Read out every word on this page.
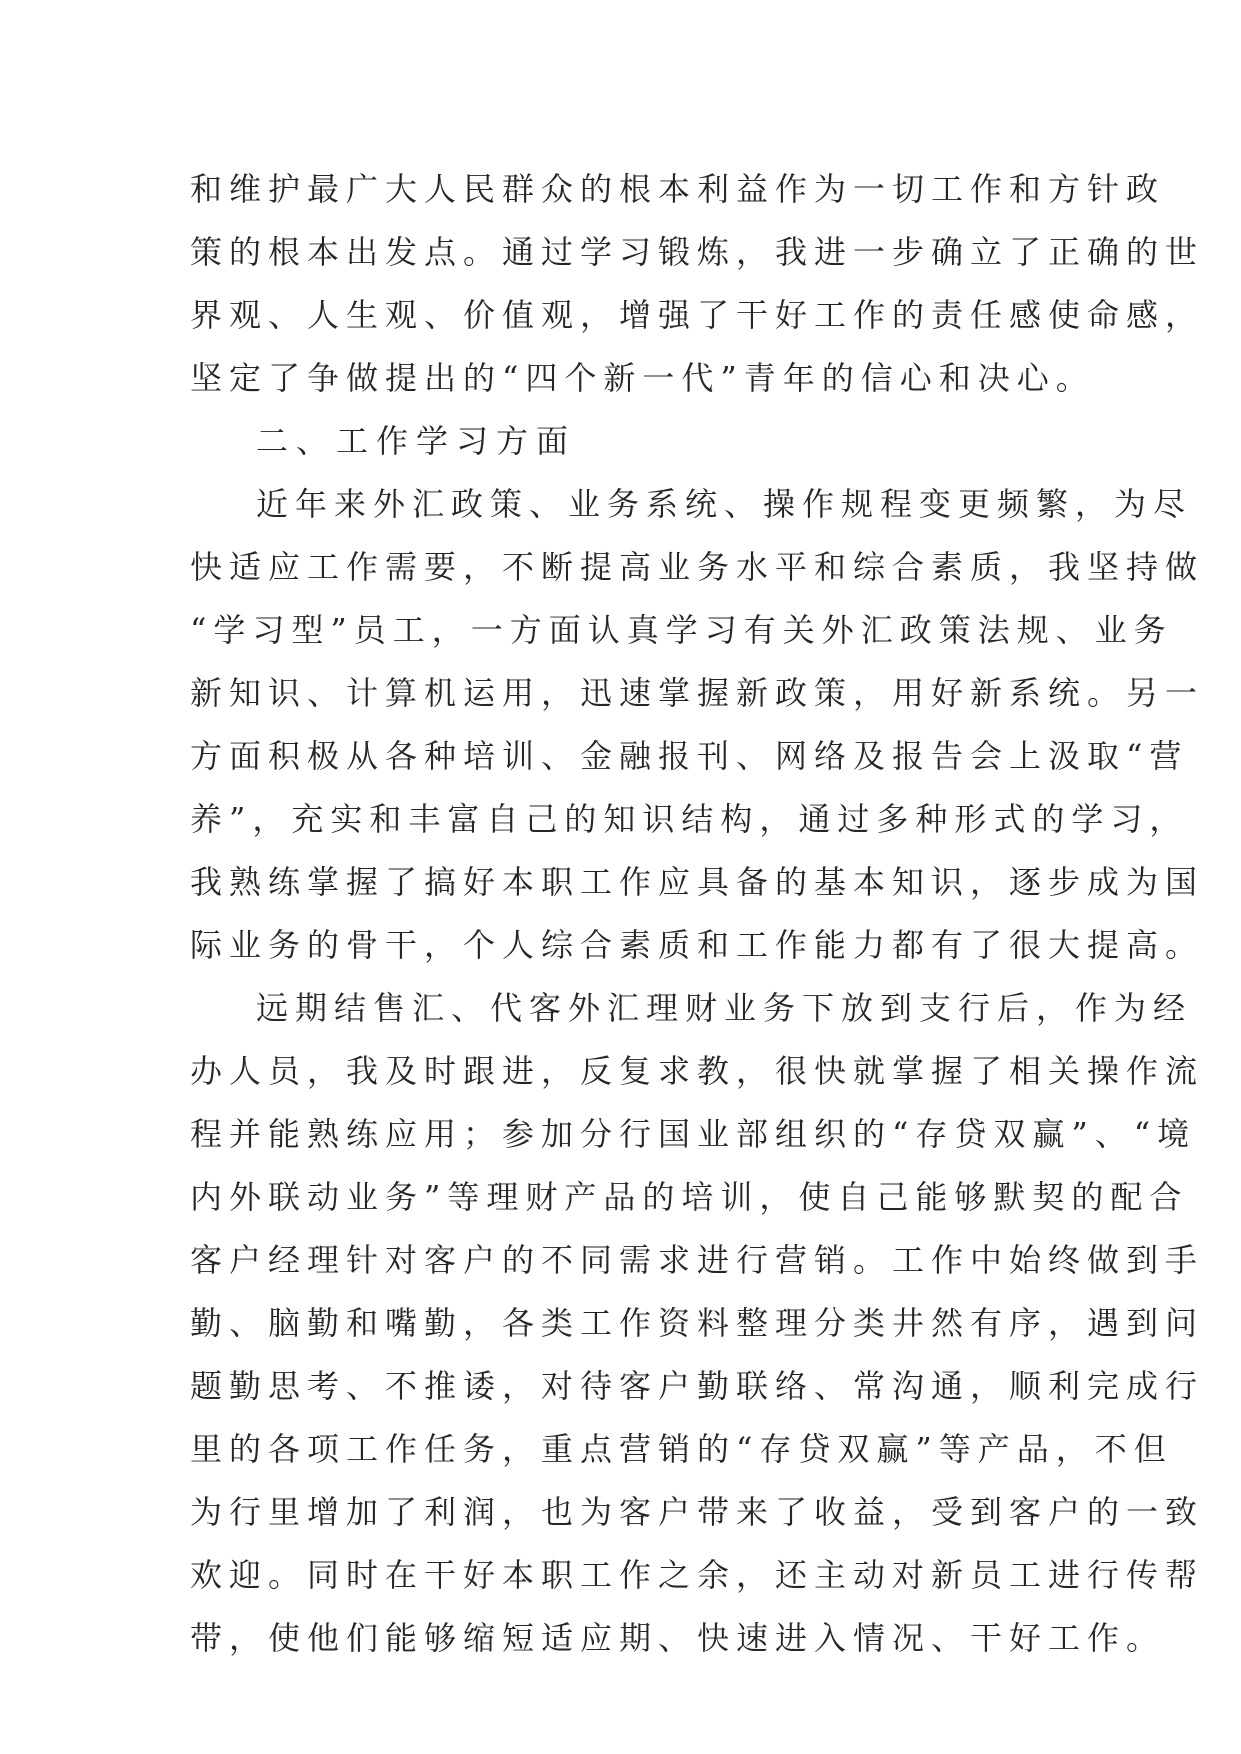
和维护最广大人民群众的根本利益作为一切工作和方针政
策的根本出发点。通过学习锻炼，我进一步确立了正确的世
界观、人生观、价值观，增强了干好工作的责任感使命感，
坚定了争做提出的“四个新一代”青年的信心和决心。
二、工作学习方面
近年来外汇政策、业务系统、操作规程变更频繁，为尽
快适应工作需要，不断提高业务水平和综合素质，我坚持做
“学习型”员工，一方面认真学习有关外汇政策法规、业务
新知识、计算机运用，迅速掌握新政策，用好新系统。另一
方面积极从各种培训、金融报刊、网络及报告会上汲取“营
养”，充实和丰富自己的知识结构，通过多种形式的学习，
我熟练掌握了搞好本职工作应具备的基本知识，逐步成为国
际业务的骨干，个人综合素质和工作能力都有了很大提高。
远期结售汇、代客外汇理财业务下放到支行后，作为经
办人员，我及时跟进，反复求教，很快就掌握了相关操作流
程并能熟练应用；参加分行国业部组织的“存贷双赢”、“境
内外联动业务”等理财产品的培训，使自己能够默契的配合
客户经理针对客户的不同需求进行营销。工作中始终做到手
勤、脑勤和嘴勤，各类工作资料整理分类井然有序，遇到问
题勤思考、不推诿，对待客户勤联络、常沟通，顺利完成行
里的各项工作任务，重点营销的“存贷双赢”等产品，不但
为行里增加了利润，也为客户带来了收益，受到客户的一致
欢迎。同时在干好本职工作之余，还主动对新员工进行传帮
带，使他们能够缩短适应期、快速进入情况、干好工作。
